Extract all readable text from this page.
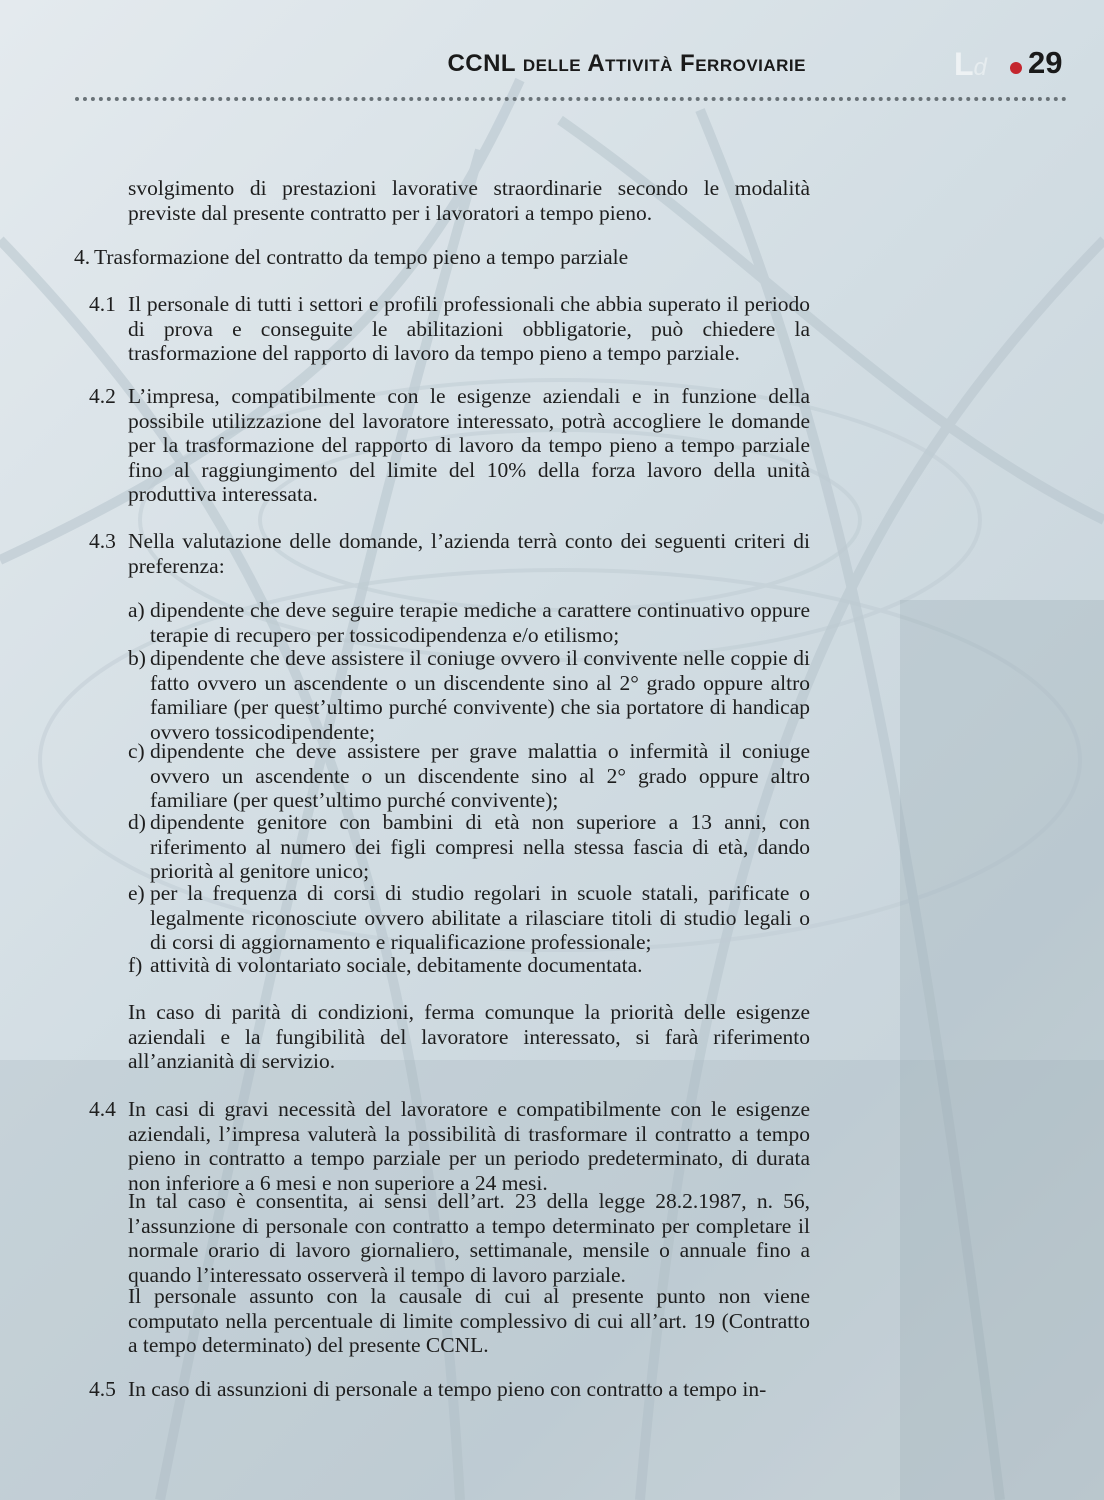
CCNL delle Attività Ferroviarie	Ld 29
svolgimento di prestazioni lavorative straordinarie secondo le modalità previste dal presente contratto per i lavoratori a tempo pieno.
4. Trasformazione del contratto da tempo pieno a tempo parziale
4.1 Il personale di tutti i settori e profili professionali che abbia superato il periodo di prova e conseguite le abilitazioni obbligatorie, può chiedere la trasformazione del rapporto di lavoro da tempo pieno a tempo parziale.
4.2 L’impresa, compatibilmente con le esigenze aziendali e in funzione della possibile utilizzazione del lavoratore interessato, potrà accogliere le domande per la trasformazione del rapporto di lavoro da tempo pieno a tempo parziale fino al raggiungimento del limite del 10% della forza lavoro della unità produttiva interessata.
4.3 Nella valutazione delle domande, l’azienda terrà conto dei seguenti criteri di preferenza:
a) dipendente che deve seguire terapie mediche a carattere continuativo oppure terapie di recupero per tossicodipendenza e/o etilismo;
b) dipendente che deve assistere il coniuge ovvero il convivente nelle coppie di fatto ovvero un ascendente o un discendente sino al 2° grado oppure altro familiare (per quest’ultimo purché convivente) che sia portatore di handicap ovvero tossicodipendente;
c) dipendente che deve assistere per grave malattia o infermità il coniuge ovvero un ascendente o un discendente sino al 2° grado oppure altro familiare (per quest’ultimo purché convivente);
d) dipendente genitore con bambini di età non superiore a 13 anni, con riferimento al numero dei figli compresi nella stessa fascia di età, dando priorità al genitore unico;
e) per la frequenza di corsi di studio regolari in scuole statali, parificate o legalmente riconosciute ovvero abilitate a rilasciare titoli di studio legali o di corsi di aggiornamento e riqualificazione professionale;
f) attività di volontariato sociale, debitamente documentata.
In caso di parità di condizioni, ferma comunque la priorità delle esigenze aziendali e la fungibilità del lavoratore interessato, si farà riferimento all’anzianità di servizio.
4.4 In casi di gravi necessità del lavoratore e compatibilmente con le esigenze aziendali, l’impresa valuterà la possibilità di trasformare il contratto a tempo pieno in contratto a tempo parziale per un periodo predeterminato, di durata non inferiore a 6 mesi e non superiore a 24 mesi.
In tal caso è consentita, ai sensi dell’art. 23 della legge 28.2.1987, n. 56, l’assunzione di personale con contratto a tempo determinato per completare il normale orario di lavoro giornaliero, settimanale, mensile o annuale fino a quando l’interessato osserverà il tempo di lavoro parziale.
Il personale assunto con la causale di cui al presente punto non viene computato nella percentuale di limite complessivo di cui all’art. 19 (Contratto a tempo determinato) del presente CCNL.
4.5 In caso di assunzioni di personale a tempo pieno con contratto a tempo in-
